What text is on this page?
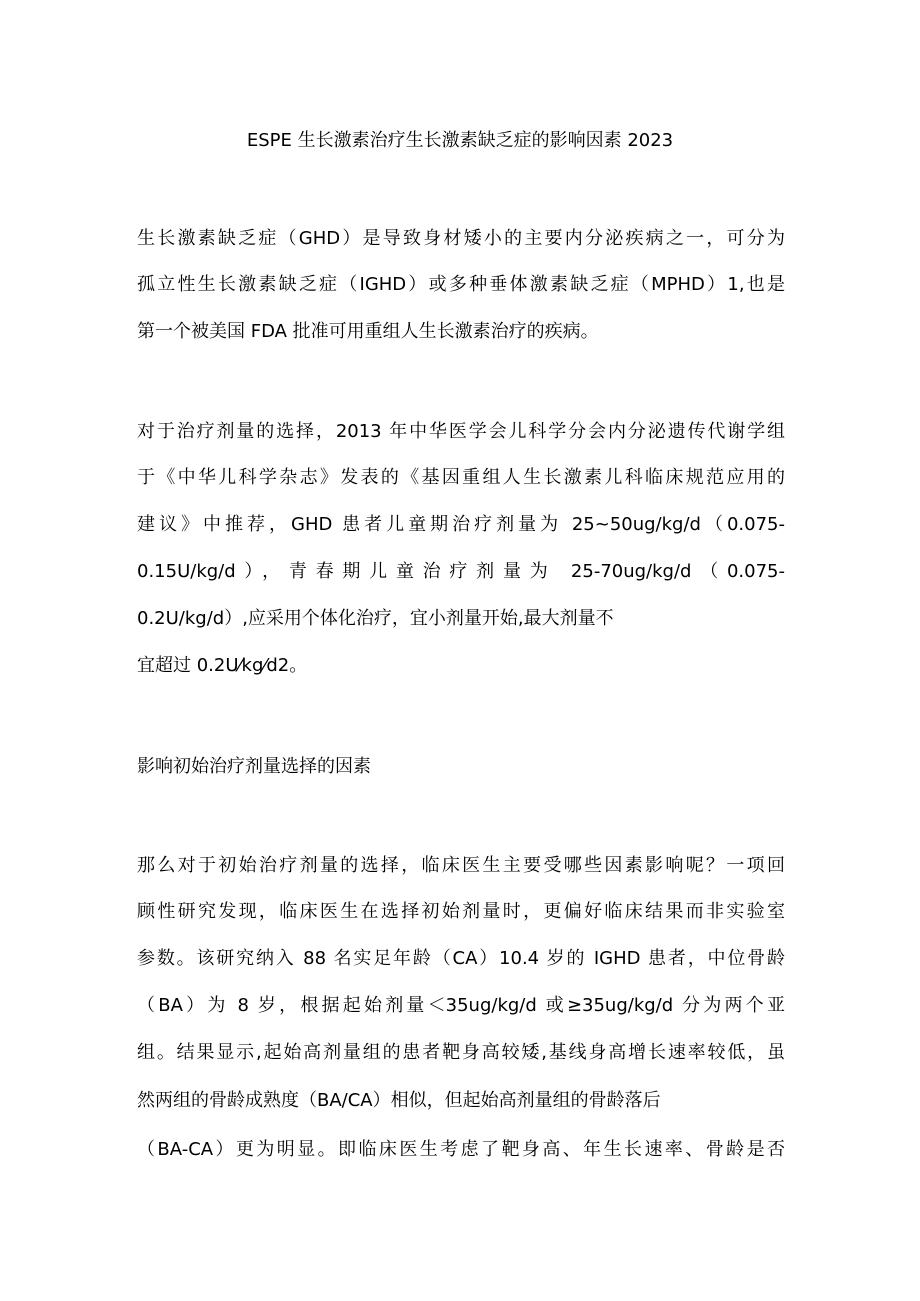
ESPE 生长激素治疗生长激素缺乏症的影响因素 2023

生长激素缺乏症（GHD）是导致身材矮小的主要内分泌疾病之一，可分为

孤立性生长激素缺乏症（IGHD）或多种垂体激素缺乏症（MPHD）1,也是

第一个被美国 FDA 批准可用重组人生长激素治疗的疾病。

对于治疗剂量的选择，2013 年中华医学会儿科学分会内分泌遗传代谢学组

于《中华儿科学杂志》发表的《基因重组人生长激素儿科临床规范应用的

建议》中推荐，GHD 患者儿童期治疗剂量为 25~50ug/kg/d（0.075-

0.15U/kg/d），青春期儿童治疗剂量为 25-70ug/kg/d（0.075-

0.2U/kg/d）,应采用个体化治疗，宜小剂量开始,最大剂量不

宜超过 0.2U⁄kg⁄d2。

影响初始治疗剂量选择的因素

那么对于初始治疗剂量的选择，临床医生主要受哪些因素影响呢？一项回

顾性研究发现，临床医生在选择初始剂量时，更偏好临床结果而非实验室

参数。该研究纳入 88 名实足年龄（CA）10.4 岁的 IGHD 患者，中位骨龄

（BA）为 8 岁，根据起始剂量＜35ug/kg/d 或≥35ug/kg/d 分为两个亚

组。结果显示,起始高剂量组的患者靶身高较矮,基线身高增长速率较低，虽

然两组的骨龄成熟度（BA/CA）相似，但起始高剂量组的骨龄落后

（BA-CA）更为明显。即临床医生考虑了靶身高、年生长速率、骨龄是否
